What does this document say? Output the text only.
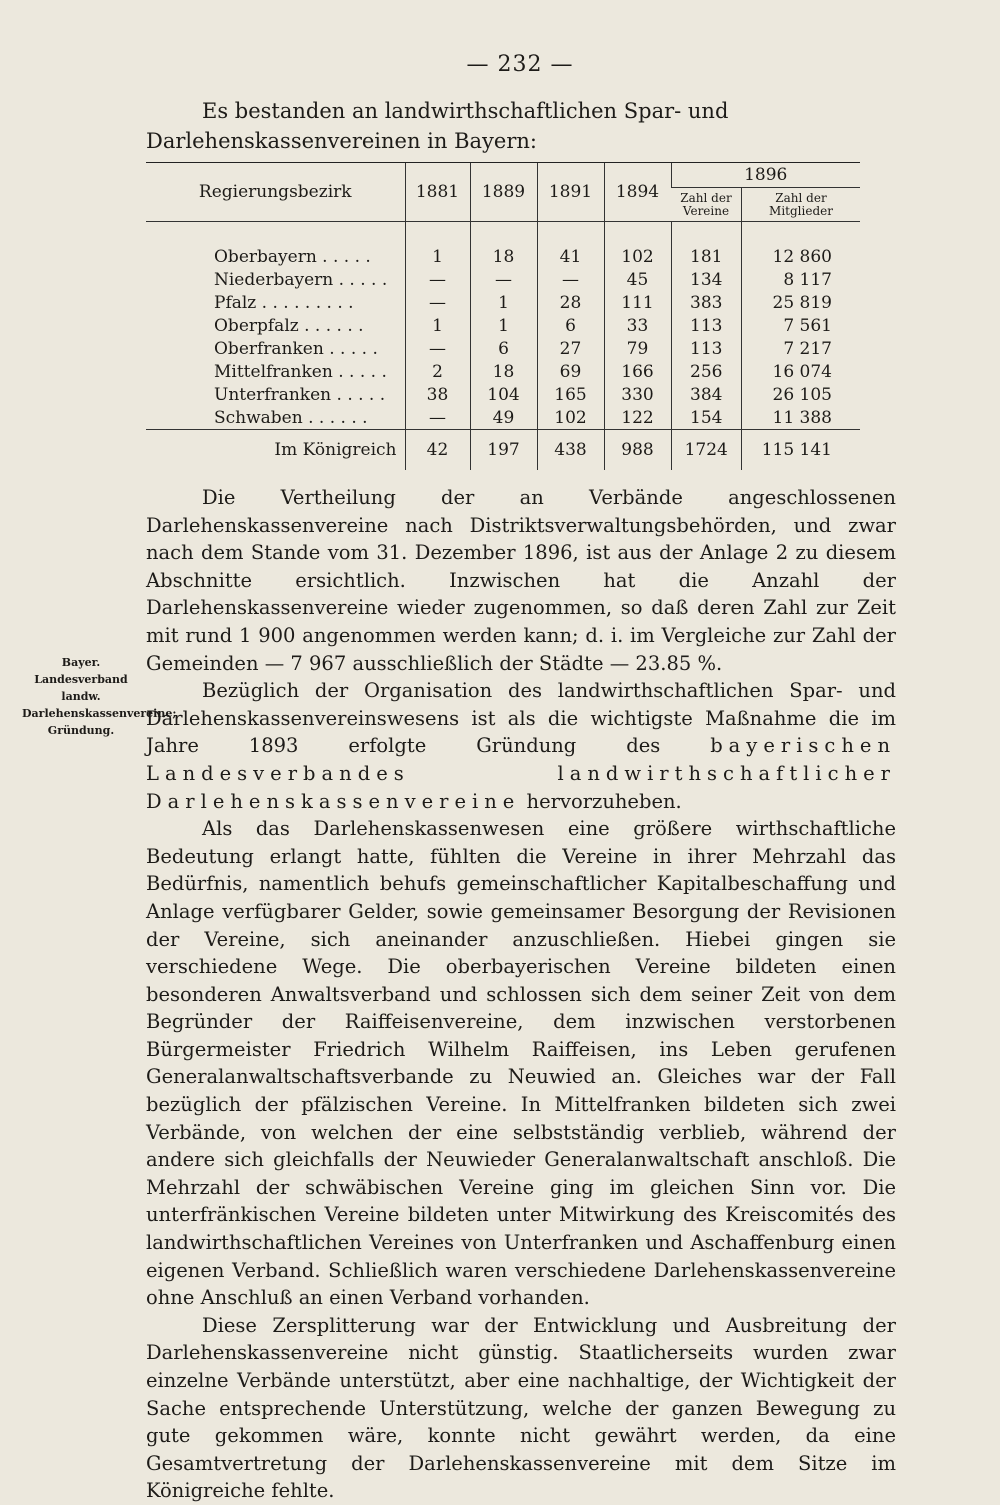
— 232 —
Es bestanden an landwirthschaftlichen Spar- und Darlehenskassenvereinen in Bayern:
Regierungsbezirk	1881	1889	1891	1894	1896	
					Zahl der Vereine	Zahl der Mitglieder

Oberbayern . . . . .	1	18	41	102	181	12 860
Niederbayern . . . . .	—	—	—	45	134	8 117
Pfalz . . . . . . . . .	—	1	28	111	383	25 819
Oberpfalz . . . . . .	1	1	6	33	113	7 561
Oberfranken . . . . .	—	6	27	79	113	7 217
Mittelfranken . . . . .	2	18	69	166	256	16 074
Unterfranken . . . . .	38	104	165	330	384	26 105
Schwaben . . . . . .	—	49	102	122	154	11 388
Im Königreich	42	197	438	988	1724	115 141

Die Vertheilung der an Verbände angeschlossenen Darlehenskassenvereine nach Distriktsverwaltungsbehörden, und zwar nach dem Stande vom 31. Dezember 1896, ist aus der Anlage 2 zu diesem Abschnitte ersichtlich. Inzwischen hat die Anzahl der Darlehenskassenvereine wieder zugenommen, so daß deren Zahl zur Zeit mit rund 1 900 angenommen werden kann; d. i. im Vergleiche zur Zahl der Gemeinden — 7 967 ausschließlich der Städte — 23.85 %.

Bezüglich der Organisation des landwirthschaftlichen Spar- und Darlehenskassenvereinswesens ist als die wichtigste Maßnahme die im Jahre 1893 erfolgte Gründung des	bayerischen Landesverbandes landwirthschaftlicher Darlehenskassenvereine hervorzuheben.

Als das Darlehenskassenwesen eine größere wirthschaftliche Bedeutung erlangt hatte, fühlten die Vereine in ihrer Mehrzahl das Bedürfnis, namentlich behufs gemeinschaftlicher Kapitalbeschaffung und Anlage verfügbarer Gelder, sowie gemeinsamer Besorgung der Revisionen der Vereine, sich aneinander anzuschließen. Hiebei gingen sie verschiedene Wege. Die oberbayerischen Vereine bildeten einen besonderen Anwaltsverband und schlossen sich dem seiner Zeit von dem Begründer der Raiffeisenvereine, dem inzwischen verstorbenen Bürgermeister Friedrich Wilhelm Raiffeisen, ins Leben gerufenen Generalanwaltschaftsverbande zu Neuwied an. Gleiches war der Fall bezüglich der pfälzischen Vereine. In Mittelfranken bildeten sich zwei Verbände, von welchen der eine selbstständig verblieb, während der andere sich gleichfalls der Neuwieder Generalanwaltschaft anschloß. Die Mehrzahl der schwäbischen Vereine ging im gleichen Sinn vor. Die unterfränkischen Vereine bildeten unter Mitwirkung des Kreiscomités des landwirthschaftlichen Vereines von Unterfranken und Aschaffenburg einen eigenen Verband. Schließlich waren verschiedene Darlehenskassenvereine ohne Anschluß an einen Verband vorhanden.

Diese Zersplitterung war der Entwicklung und Ausbreitung der Darlehenskassenvereine nicht günstig. Staatlicherseits wurden zwar einzelne Verbände unterstützt, aber eine nachhaltige, der Wichtigkeit der Sache entsprechende Unterstützung, welche der ganzen Bewegung zu gute gekommen wäre, konnte nicht gewährt werden, da eine Gesamtvertretung der Darlehenskassenvereine mit dem Sitze im Königreiche fehlte.

Bayer. Landesverband landw. Darlehenskassenvereine; Gründung.
